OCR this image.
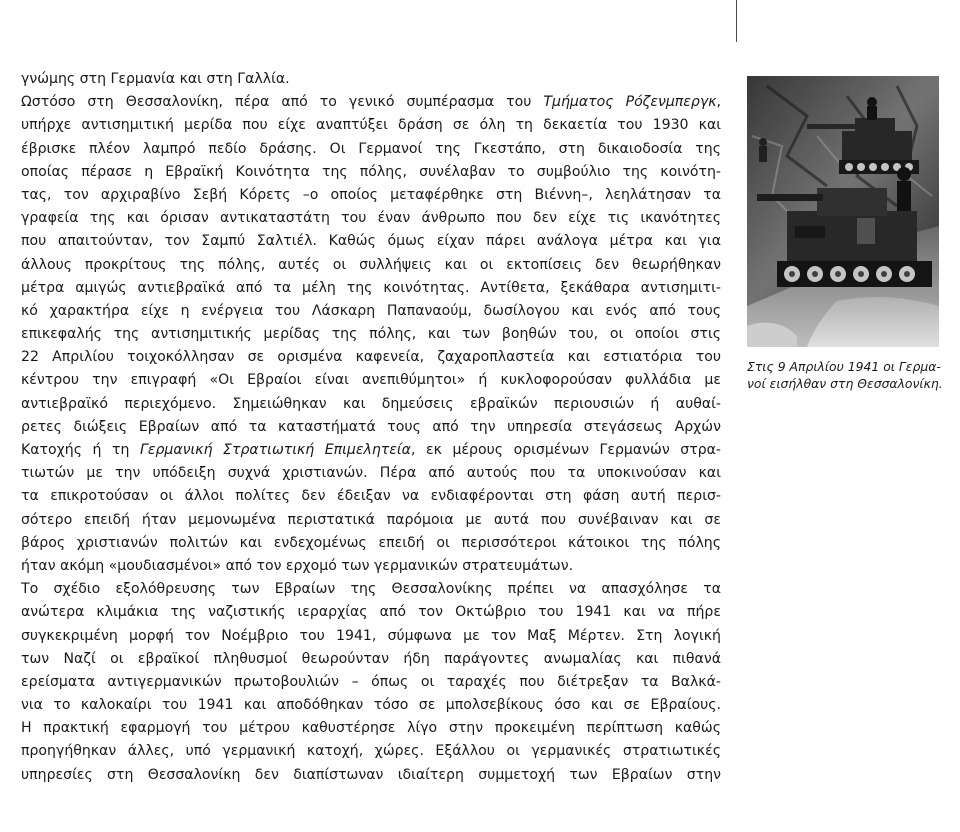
γνώμης στη Γερμανία και στη Γαλλία.
Ωστόσο στη Θεσσαλονίκη, πέρα από το γενικό συμπέρασμα του Τμήματος Ρόζενμπεργκ,
υπήρχε αντισημιτική μερίδα που είχε αναπτύξει δράση σε όλη τη δεκαετία του 1930 και
έβρισκε πλέον λαμπρό πεδίο δράσης. Οι Γερμανοί της Γκεστάπο, στη δικαιοδοσία της
οποίας πέρασε η Εβραϊκή Κοινότητα της πόλης, συνέλαβαν το συμβούλιο της κοινότη-
τας, τον αρχιραβίνο Σεβή Κόρετς –ο οποίος μεταφέρθηκε στη Βιέννη–, λεηλάτησαν τα
γραφεία της και όρισαν αντικαταστάτη του έναν άνθρωπο που δεν είχε τις ικανότητες
που απαιτούνταν, τον Σαμπύ Σαλτιέλ. Καθώς όμως είχαν πάρει ανάλογα μέτρα και για
άλλους προκρίτους της πόλης, αυτές οι συλλήψεις και οι εκτοπίσεις δεν θεωρήθηκαν
μέτρα αμιγώς αντιεβραϊκά από τα μέλη της κοινότητας. Αντίθετα, ξεκάθαρα αντισημιτι-
κό χαρακτήρα είχε η ενέργεια του Λάσκαρη Παπαναούμ, δωσίλογου και ενός από τους
επικεφαλής της αντισημιτικής μερίδας της πόλης, και των βοηθών του, οι οποίοι στις
22 Απριλίου τοιχοκόλλησαν σε ορισμένα καφενεία, ζαχαροπλαστεία και εστιατόρια του
κέντρου την επιγραφή «Οι Εβραίοι είναι ανεπιθύμητοι» ή κυκλοφορούσαν φυλλάδια με
αντιεβραϊκό περιεχόμενο. Σημειώθηκαν και δημεύσεις εβραϊκών περιουσιών ή αυθαί-
ρετες διώξεις Εβραίων από τα καταστήματά τους από την υπηρεσία στεγάσεως Αρχών
Κατοχής ή τη Γερμανική Στρατιωτική Επιμελητεία, εκ μέρους ορισμένων Γερμανών στρα-
τιωτών με την υπόδειξη συχνά χριστιανών. Πέρα από αυτούς που τα υποκινούσαν και
τα επικροτούσαν οι άλλοι πολίτες δεν έδειξαν να ενδιαφέρονται στη φάση αυτή περισ-
σότερο επειδή ήταν μεμονωμένα περιστατικά παρόμοια με αυτά που συνέβαιναν και σε
βάρος χριστιανών πολιτών και ενδεχομένως επειδή οι περισσότεροι κάτοικοι της πόλης
ήταν ακόμη «μουδιασμένοι» από τον ερχομό των γερμανικών στρατευμάτων.
Το σχέδιο εξολόθρευσης των Εβραίων της Θεσσαλονίκης πρέπει να απασχόλησε τα
ανώτερα κλιμάκια της ναζιστικής ιεραρχίας από τον Οκτώβριο του 1941 και να πήρε
συγκεκριμένη μορφή τον Νοέμβριο του 1941, σύμφωνα με τον Μαξ Μέρτεν. Στη λογική
των Ναζί οι εβραϊκοί πληθυσμοί θεωρούνταν ήδη παράγοντες ανωμαλίας και πιθανά
ερείσματα αντιγερμανικών πρωτοβουλιών – όπως οι ταραχές που διέτρεξαν τα Βαλκά-
νια το καλοκαίρι του 1941 και αποδόθηκαν τόσο σε μπολσεβίκους όσο και σε Εβραίους.
Η πρακτική εφαρμογή του μέτρου καθυστέρησε λίγο στην προκειμένη περίπτωση καθώς
προηγήθηκαν άλλες, υπό γερμανική κατοχή, χώρες. Εξάλλου οι γερμανικές στρατιωτικές
υπηρεσίες στη Θεσσαλονίκη δεν διαπίστωναν ιδιαίτερη συμμετοχή των Εβραίων στην
Στις 9 Απριλίου 1941 οι Γερμα-
νοί εισήλθαν στη Θεσσαλονίκη.
